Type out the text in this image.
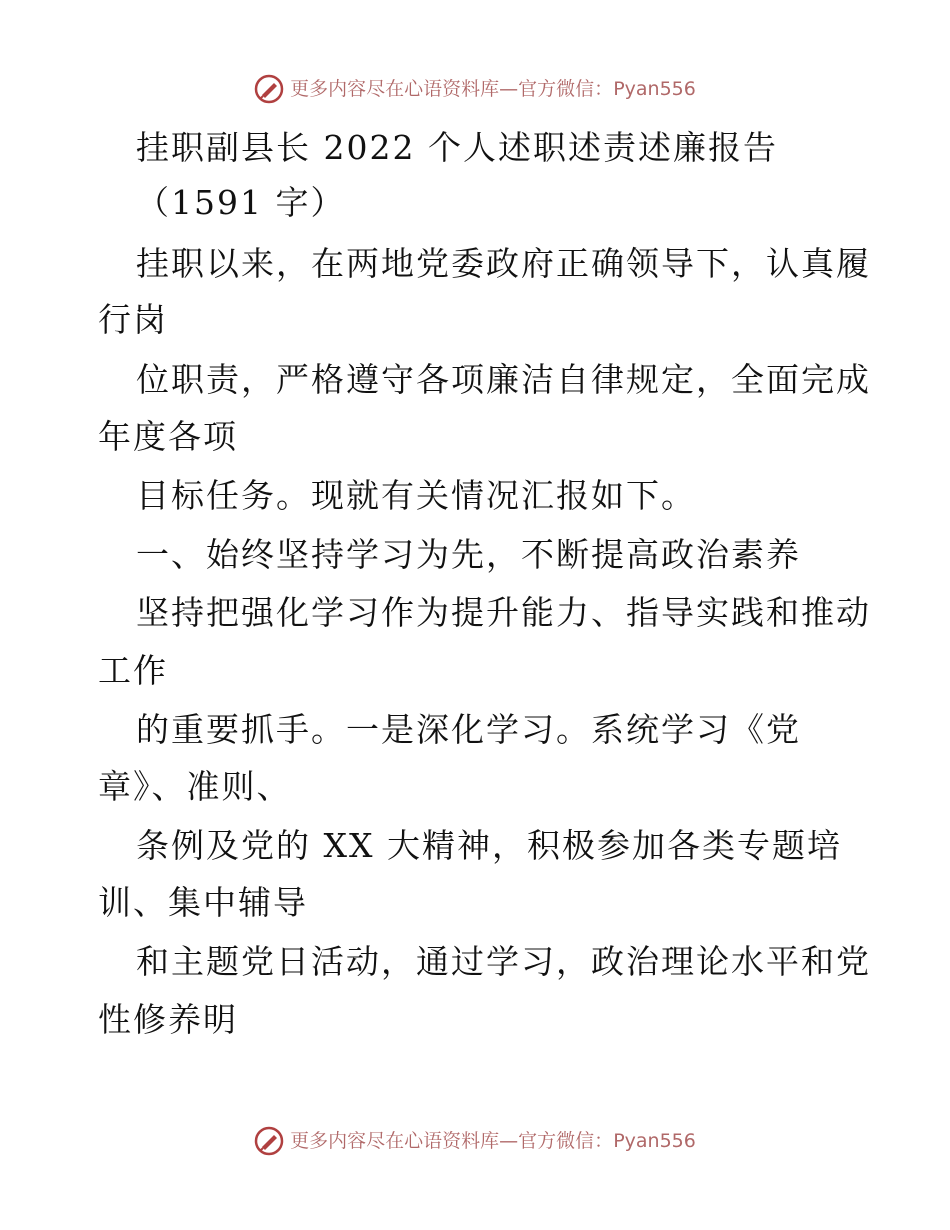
更多内容尽在心语资料库 — 官方微信： Pyan556
挂职副县长 2022 个人述职述责述廉报告
（1591 字）
挂职以来，在两地党委政府正确领导下，认真履
行岗
位职责，严格遵守各项廉洁自律规定，全面完成
年度各项
目标任务。现就有关情况汇报如下。
一、始终坚持学习为先，不断提高政治素养
坚持把强化学习作为提升能力、指导实践和推动
工作
的重要抓手。一是深化学习。系统学习《党
章》、准则、
条例及党的 XX 大精神，积极参加各类专题培
训、集中辅导
和主题党日活动，通过学习，政治理论水平和党
性修养明
更多内容尽在心语资料库 — 官方微信： Pyan556
